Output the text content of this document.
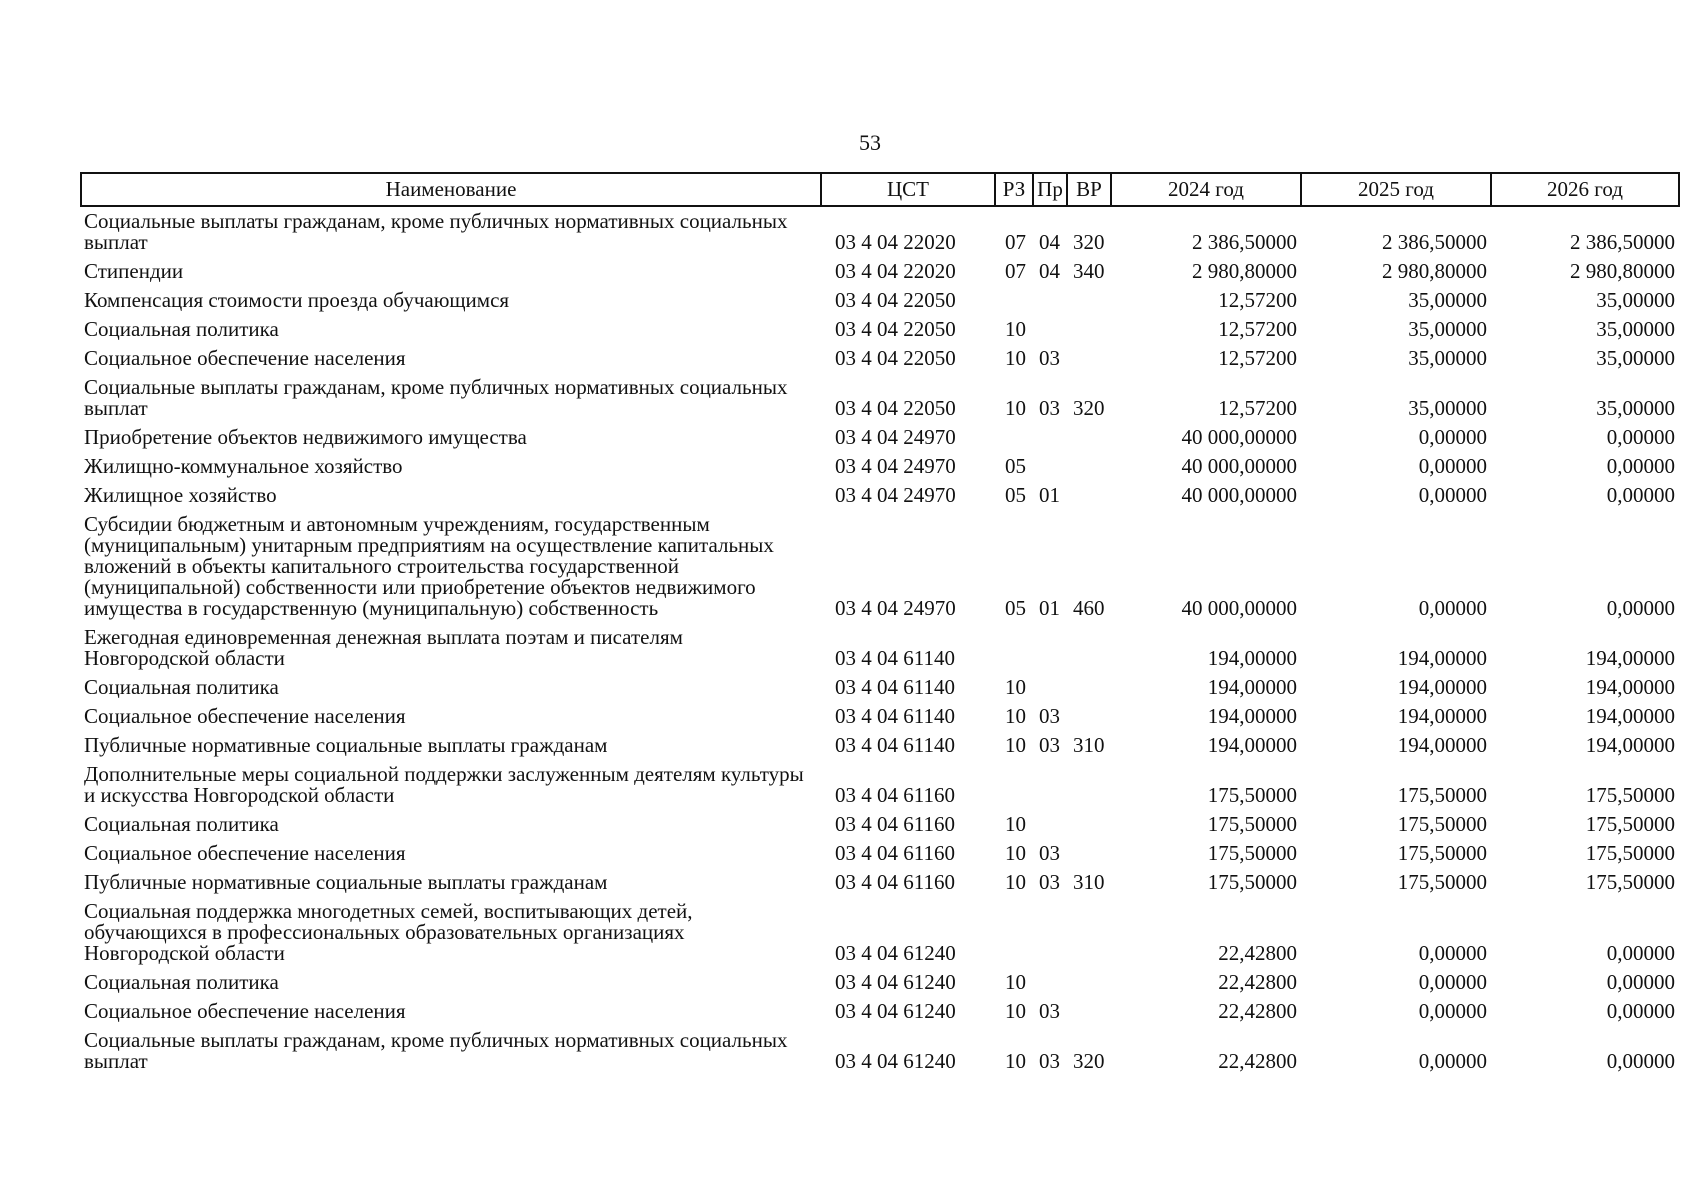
53
Наименование	ЦСТ	РЗ	Пр	ВР	2024 год	2025 год	2026 год
Социальные выплаты гражданам, кроме публичных нормативных социальных выплат	03 4 04 22020	07	04	320	2 386,50000	2 386,50000	2 386,50000
Стипендии	03 4 04 22020	07	04	340	2 980,80000	2 980,80000	2 980,80000
Компенсация стоимости проезда обучающимся	03 4 04 22050				12,57200	35,00000	35,00000
Социальная политика	03 4 04 22050	10			12,57200	35,00000	35,00000
Социальное обеспечение населения	03 4 04 22050	10	03		12,57200	35,00000	35,00000
Социальные выплаты гражданам, кроме публичных нормативных социальных выплат	03 4 04 22050	10	03	320	12,57200	35,00000	35,00000
Приобретение объектов недвижимого имущества	03 4 04 24970				40 000,00000	0,00000	0,00000
Жилищно-коммунальное хозяйство	03 4 04 24970	05			40 000,00000	0,00000	0,00000
Жилищное хозяйство	03 4 04 24970	05	01		40 000,00000	0,00000	0,00000
Субсидии бюджетным и автономным учреждениям, государственным (муниципальным) унитарным предприятиям на осуществление капитальных вложений в объекты капитального строительства государственной (муниципальной) собственности или приобретение объектов недвижимого имущества в государственную (муниципальную) собственность	03 4 04 24970	05	01	460	40 000,00000	0,00000	0,00000
Ежегодная единовременная денежная выплата поэтам и писателям Новгородской области	03 4 04 61140				194,00000	194,00000	194,00000
Социальная политика	03 4 04 61140	10			194,00000	194,00000	194,00000
Социальное обеспечение населения	03 4 04 61140	10	03		194,00000	194,00000	194,00000
Публичные нормативные социальные выплаты гражданам	03 4 04 61140	10	03	310	194,00000	194,00000	194,00000
Дополнительные меры социальной поддержки заслуженным деятелям культуры и искусства Новгородской области	03 4 04 61160				175,50000	175,50000	175,50000
Социальная политика	03 4 04 61160	10			175,50000	175,50000	175,50000
Социальное обеспечение населения	03 4 04 61160	10	03		175,50000	175,50000	175,50000
Публичные нормативные социальные выплаты гражданам	03 4 04 61160	10	03	310	175,50000	175,50000	175,50000
Социальная поддержка многодетных семей, воспитывающих детей, обучающихся в профессиональных образовательных организациях Новгородской области	03 4 04 61240				22,42800	0,00000	0,00000
Социальная политика	03 4 04 61240	10			22,42800	0,00000	0,00000
Социальное обеспечение населения	03 4 04 61240	10	03		22,42800	0,00000	0,00000
Социальные выплаты гражданам, кроме публичных нормативных социальных выплат	03 4 04 61240	10	03	320	22,42800	0,00000	0,00000
